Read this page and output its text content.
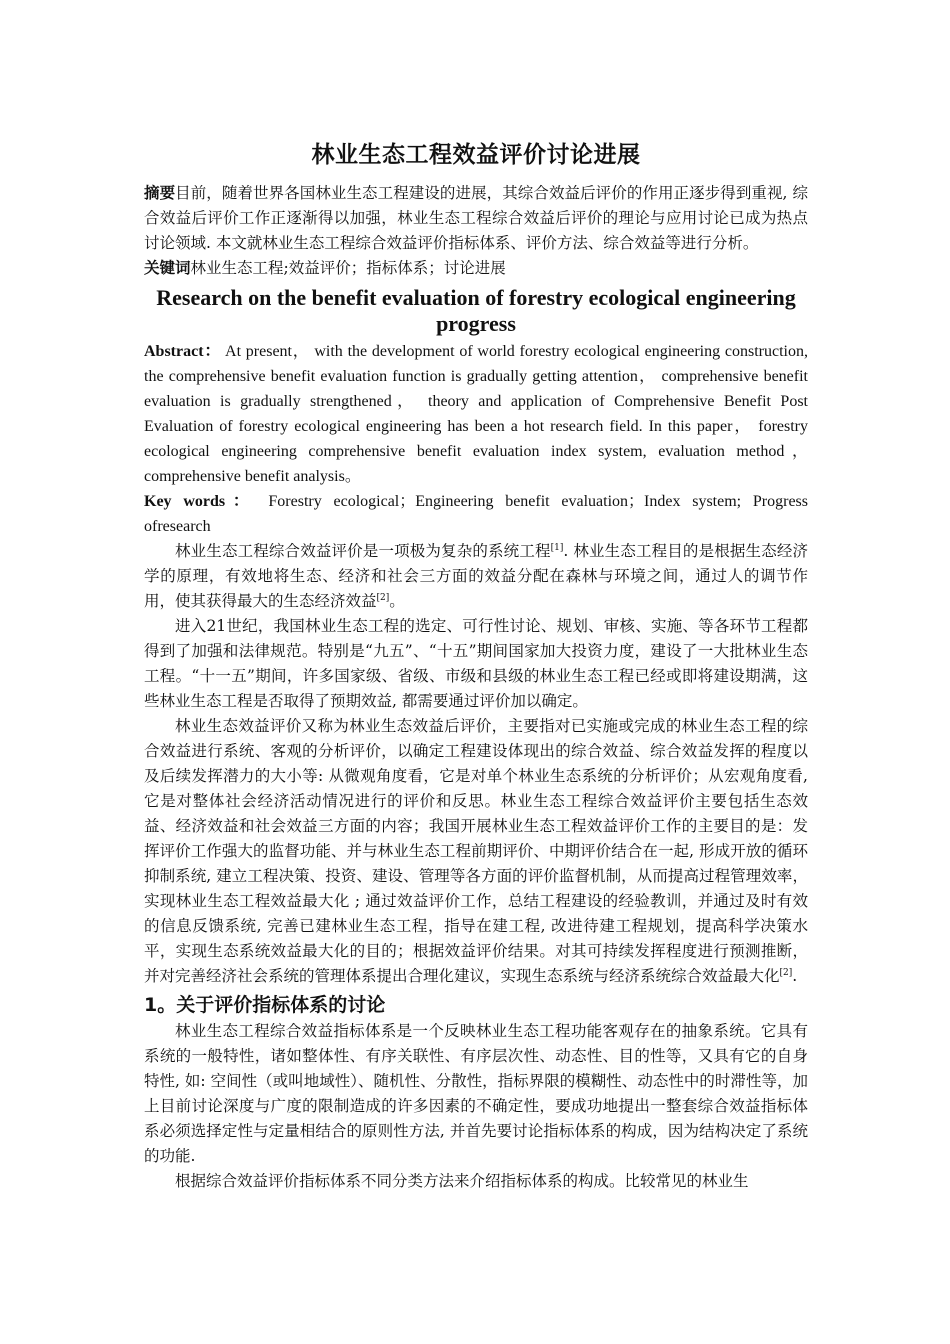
林业生态工程效益评价讨论进展

摘要目前，随着世界各国林业生态工程建设的进展，其综合效益后评价的作用正逐步得到重视, 综合效益后评价工作正逐渐得以加强，林业生态工程综合效益后评价的理论与应用讨论已成为热点讨论领域. 本文就林业生态工程综合效益评价指标体系、评价方法、综合效益等进行分析。

关键词林业生态工程;效益评价；指标体系；讨论进展

Research on the benefit evaluation of forestry ecological engineering progress

Abstract： At present， with the development of world forestry ecological engineering construction, the comprehensive benefit evaluation function is gradually getting attention， comprehensive benefit evaluation is gradually strengthened， theory and application of Comprehensive Benefit Post Evaluation of forestry ecological engineering has been a hot research field. In this paper， forestry ecological engineering comprehensive benefit evaluation index system, evaluation method， comprehensive benefit analysis。

Key words： Forestry ecological；Engineering benefit evaluation；Index system; Progress ofresearch

林业生态工程综合效益评价是一项极为复杂的系统工程[1]. 林业生态工程目的是根据生态经济学的原理，有效地将生态、经济和社会三方面的效益分配在森林与环境之间，通过人的调节作用，使其获得最大的生态经济效益[2]。

进入21世纪，我国林业生态工程的选定、可行性讨论、规划、审核、实施、等各环节工程都得到了加强和法律规范。特别是“九五”、“十五”期间国家加大投资力度，建设了一大批林业生态工程。“十一五”期间，许多国家级、省级、市级和县级的林业生态工程已经或即将建设期满，这些林业生态工程是否取得了预期效益, 都需要通过评价加以确定。

林业生态效益评价又称为林业生态效益后评价，主要指对已实施或完成的林业生态工程的综合效益进行系统、客观的分析评价，以确定工程建设体现出的综合效益、综合效益发挥的程度以及后续发挥潜力的大小等: 从微观角度看，它是对单个林业生态系统的分析评价；从宏观角度看, 它是对整体社会经济活动情况进行的评价和反思。林业生态工程综合效益评价主要包括生态效益、经济效益和社会效益三方面的内容；我国开展林业生态工程效益评价工作的主要目的是：发挥评价工作强大的监督功能、并与林业生态工程前期评价、中期评价结合在一起, 形成开放的循环抑制系统, 建立工程决策、投资、建设、管理等各方面的评价监督机制，从而提高过程管理效率，实现林业生态工程效益最大化 ; 通过效益评价工作，总结工程建设的经验教训，并通过及时有效的信息反馈系统, 完善已建林业生态工程，指导在建工程, 改进待建工程规划，提高科学决策水平，实现生态系统效益最大化的目的；根据效益评价结果。对其可持续发挥程度进行预测推断，并对完善经济社会系统的管理体系提出合理化建议，实现生态系统与经济系统综合效益最大化[2].

1。关于评价指标体系的讨论

林业生态工程综合效益指标体系是一个反映林业生态工程功能客观存在的抽象系统。它具有系统的一般特性，诸如整体性、有序关联性、有序层次性、动态性、目的性等，又具有它的自身特性, 如: 空间性（或叫地域性）、随机性、分散性，指标界限的模糊性、动态性中的时滞性等，加上目前讨论深度与广度的限制造成的许多因素的不确定性，要成功地提出一整套综合效益指标体系必须选择定性与定量相结合的原则性方法, 并首先要讨论指标体系的构成，因为结构决定了系统的功能.

根据综合效益评价指标体系不同分类方法来介绍指标体系的构成。比较常见的林业生
